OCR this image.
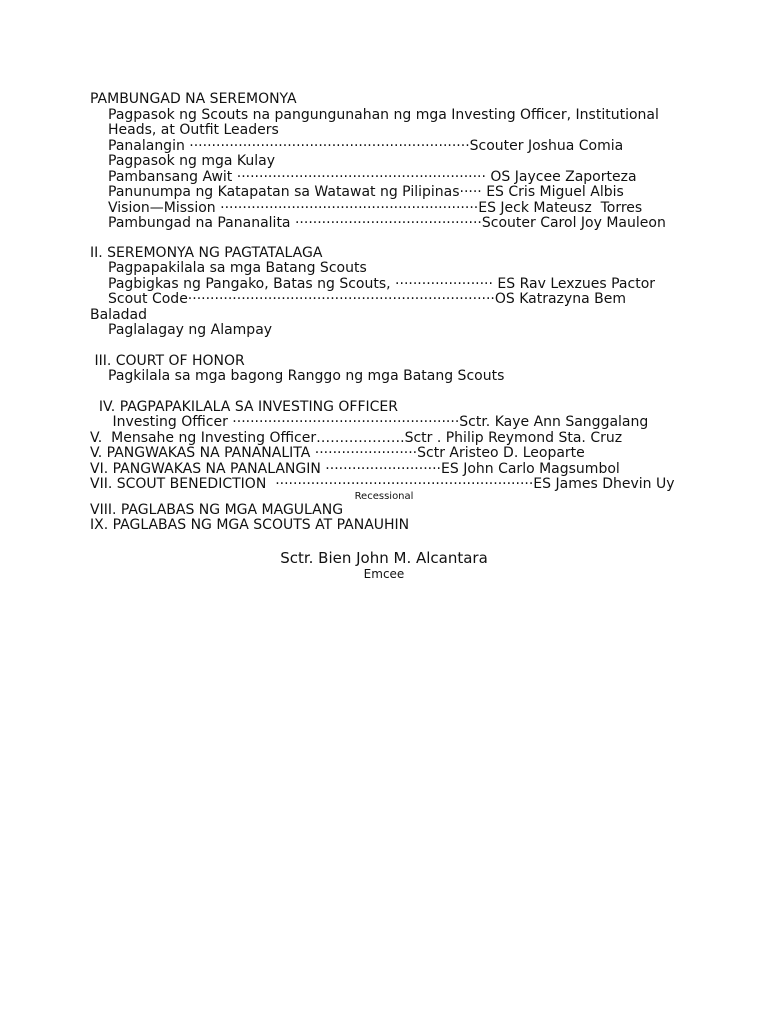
PAMBUNGAD NA SEREMONYA
Pagpasok ng Scouts na pangungunahan ng mga Investing Officer, Institutional
Heads, at Outfit Leaders
Panalangin ·······························································Scouter Joshua Comia
Pagpasok ng mga Kulay
Pambansang Awit ························································ OS Jaycee Zaporteza
Panunumpa ng Katapatan sa Watawat ng Pilipinas····· ES Cris Miguel Albis
Vision—Mission ··························································ES Jeck Mateusz  Torres
Pambungad na Pananalita ··········································Scouter Carol Joy Mauleon
II. SEREMONYA NG PAGTATALAGA
Pagpapakilala sa mga Batang Scouts
Pagbigkas ng Pangako, Batas ng Scouts, ······················ ES Rav Lexzues Pactor
Scout Code·····································································OS Katrazyna Bem
Baladad
Paglalagay ng Alampay
III. COURT OF HONOR
Pagkilala sa mga bagong Ranggo ng mga Batang Scouts
IV. PAGPAPAKILALA SA INVESTING OFFICER
Investing Officer ···················································Sctr. Kaye Ann Sanggalang
V.  Mensahe ng Investing Officer……………….Sctr . Philip Reymond Sta. Cruz
V. PANGWAKAS NA PANANALITA ·······················Sctr Aristeo D. Leoparte
VI. PANGWAKAS NA PANALANGIN ··························ES John Carlo Magsumbol
VII. SCOUT BENEDICTION  ··························································ES James Dhevin Uy
Recessional
VIII. PAGLABAS NG MGA MAGULANG
IX. PAGLABAS NG MGA SCOUTS AT PANAUHIN
Sctr. Bien John M. Alcantara
Emcee
